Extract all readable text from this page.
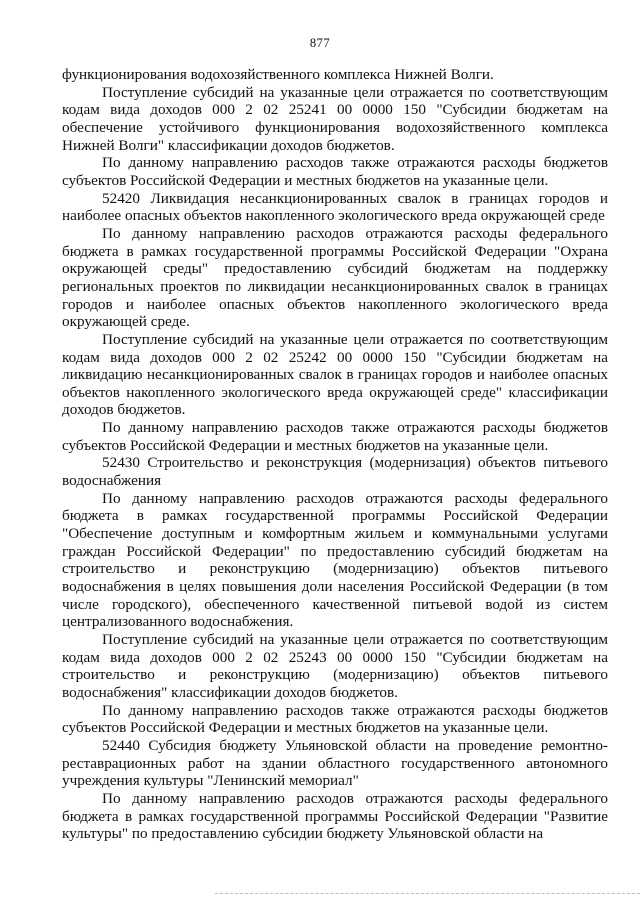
877

функционирования водохозяйственного комплекса Нижней Волги.

Поступление субсидий на указанные цели отражается по соответствующим кодам вида доходов 000 2 02 25241 00 0000 150 "Субсидии бюджетам на обеспечение устойчивого функционирования водохозяйственного комплекса Нижней Волги" классификации доходов бюджетов.

По данному направлению расходов также отражаются расходы бюджетов субъектов Российской Федерации и местных бюджетов на указанные цели.

52420 Ликвидация несанкционированных свалок в границах городов и наиболее опасных объектов накопленного экологического вреда окружающей среде

По данному направлению расходов отражаются расходы федерального бюджета в рамках государственной программы Российской Федерации "Охрана окружающей среды" предоставлению субсидий бюджетам на поддержку региональных проектов по ликвидации несанкционированных свалок в границах городов и наиболее опасных объектов накопленного экологического вреда окружающей среде.

Поступление субсидий на указанные цели отражается по соответствующим кодам вида доходов 000 2 02 25242 00 0000 150 "Субсидии бюджетам на ликвидацию несанкционированных свалок в границах городов и наиболее опасных объектов накопленного экологического вреда окружающей среде" классификации доходов бюджетов.

По данному направлению расходов также отражаются расходы бюджетов субъектов Российской Федерации и местных бюджетов на указанные цели.

52430 Строительство и реконструкция (модернизация) объектов питьевого водоснабжения

По данному направлению расходов отражаются расходы федерального бюджета в рамках государственной программы Российской Федерации "Обеспечение доступным и комфортным жильем и коммунальными услугами граждан Российской Федерации" по предоставлению субсидий бюджетам на строительство и реконструкцию (модернизацию) объектов питьевого водоснабжения в целях повышения доли населения Российской Федерации (в том числе городского), обеспеченного качественной питьевой водой из систем централизованного водоснабжения.

Поступление субсидий на указанные цели отражается по соответствующим кодам вида доходов 000 2 02 25243 00 0000 150 "Субсидии бюджетам на строительство и реконструкцию (модернизацию) объектов питьевого водоснабжения" классификации доходов бюджетов.

По данному направлению расходов также отражаются расходы бюджетов субъектов Российской Федерации и местных бюджетов на указанные цели.

52440 Субсидия бюджету Ульяновской области на проведение ремонтно-реставрационных работ на здании областного государственного автономного учреждения культуры "Ленинский мемориал"

По данному направлению расходов отражаются расходы федерального бюджета в рамках государственной программы Российской Федерации "Развитие культуры" по предоставлению субсидии бюджету Ульяновской области на
